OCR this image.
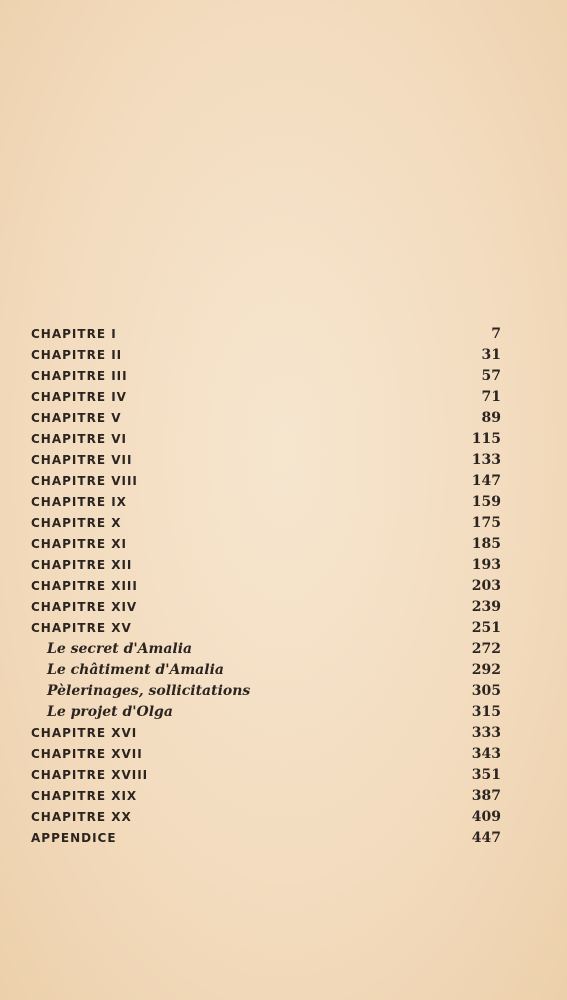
CHAPITRE I	7
CHAPITRE II	31
CHAPITRE III	57
CHAPITRE IV	71
CHAPITRE V	89
CHAPITRE VI	115
CHAPITRE VII	133
CHAPITRE VIII	147
CHAPITRE IX	159
CHAPITRE X	175
CHAPITRE XI	185
CHAPITRE XII	193
CHAPITRE XIII	203
CHAPITRE XIV	239
CHAPITRE XV	251
Le secret d'Amalia	272
Le châtiment d'Amalia	292
Pèlerinages, sollicitations	305
Le projet d'Olga	315
CHAPITRE XVI	333
CHAPITRE XVII	343
CHAPITRE XVIII	351
CHAPITRE XIX	387
CHAPITRE XX	409
APPENDICE	447
